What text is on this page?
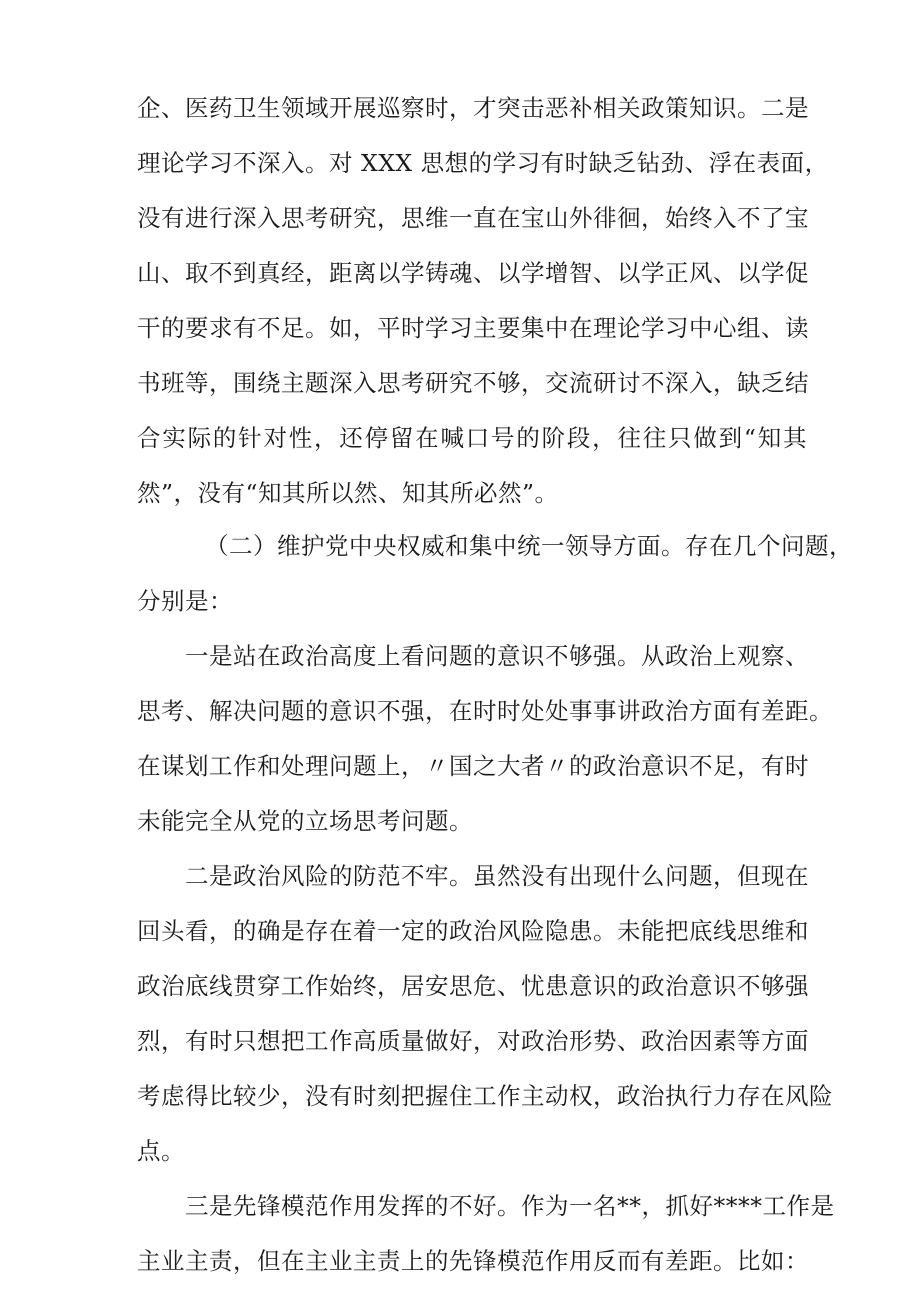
企、医药卫生领域开展巡察时，才突击恶补相关政策知识。二是
理论学习不深入。对 XXX 思想的学习有时缺乏钻劲、浮在表面，
没有进行深入思考研究，思维一直在宝山外徘徊，始终入不了宝
山、取不到真经，距离以学铸魂、以学增智、以学正风、以学促
干的要求有不足。如，平时学习主要集中在理论学习中心组、读
书班等，围绕主题深入思考研究不够，交流研讨不深入，缺乏结
合实际的针对性，还停留在喊口号的阶段，往往只做到“知其
然”，没有“知其所以然、知其所必然”。
（二）维护党中央权威和集中统一领导方面。存在几个问题，
分别是：
一是站在政治高度上看问题的意识不够强。从政治上观察、
思考、解决问题的意识不强，在时时处处事事讲政治方面有差距。
在谋划工作和处理问题上，〃国之大者〃的政治意识不足，有时
未能完全从党的立场思考问题。
二是政治风险的防范不牢。虽然没有出现什么问题，但现在
回头看，的确是存在着一定的政治风险隐患。未能把底线思维和
政治底线贯穿工作始终，居安思危、忧患意识的政治意识不够强
烈，有时只想把工作高质量做好，对政治形势、政治因素等方面
考虑得比较少，没有时刻把握住工作主动权，政治执行力存在风险
点。
三是先锋模范作用发挥的不好。作为一名**，抓好****工作是
主业主责，但在主业主责上的先锋模范作用反而有差距。比如：
